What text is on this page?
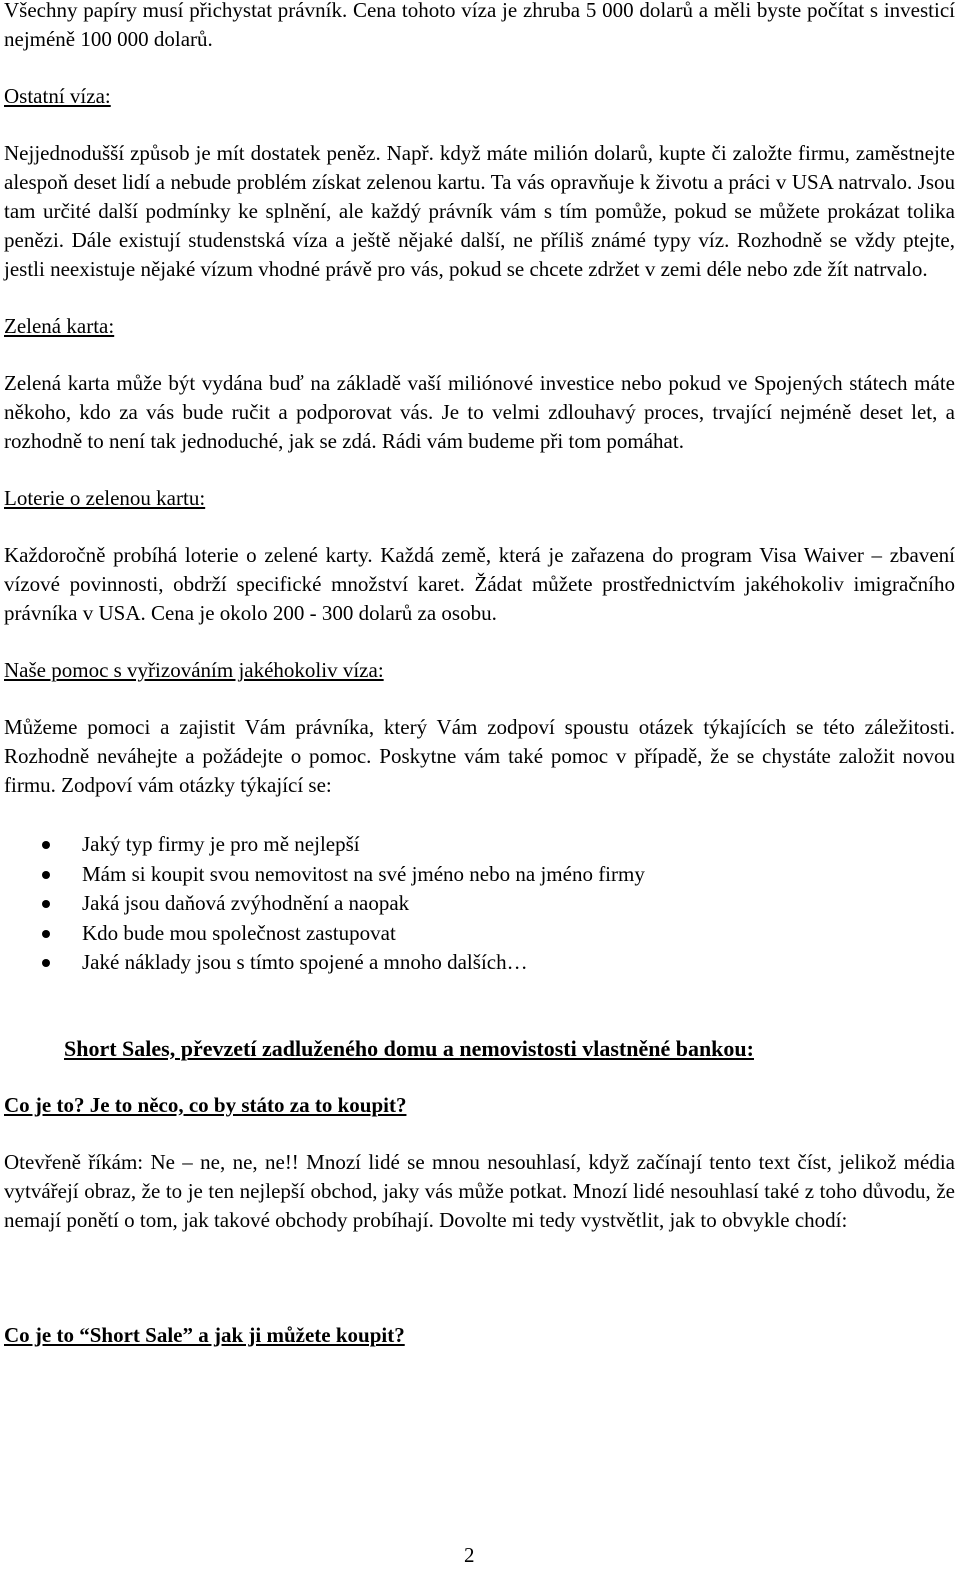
Všechny papíry musí přichystat právník. Cena tohoto víza je zhruba 5 000 dolarů a měli byste počítat s investicí nejméně 100 000 dolarů.

Ostatní víza:

Nejjednodušší způsob je mít dostatek peněz. Např. když máte milión dolarů, kupte či založte firmu, zaměstnejte alespoň deset lidí a nebude problém získat zelenou kartu. Ta vás opravňuje k životu a práci v USA natrvalo. Jsou tam určité další podmínky ke splnění, ale každý právník vám s tím pomůže, pokud se můžete prokázat tolika penězi. Dále existují studenstská víza a ještě nějaké další, ne příliš známé typy víz. Rozhodně se vždy ptejte, jestli neexistuje nějaké vízum vhodné právě pro vás, pokud se chcete zdržet v zemi déle nebo zde žít natrvalo.

Zelená karta:

Zelená karta může být vydána buď na základě vaší miliónové investice nebo pokud ve Spojených státech máte někoho, kdo za vás bude ručit a podporovat vás. Je to velmi zdlouhavý proces, trvající nejméně deset let, a rozhodně to není tak jednoduché, jak se zdá. Rádi vám budeme při tom pomáhat.

Loterie o zelenou kartu:

Každoročně probíhá loterie o zelené karty. Každá země, která je zařazena do program Visa Waiver – zbavení vízové povinnosti, obdrží specifické množství karet. Žádat můžete prostřednictvím jakéhokoliv imigračního právníka v USA. Cena je okolo 200 - 300 dolarů za osobu.

Naše pomoc s vyřizováním jakéhokoliv víza:

Můžeme pomoci a zajistit Vám právníka, který Vám zodpoví spoustu otázek týkajících se této záležitosti. Rozhodně neváhejte a požádejte o pomoc. Poskytne vám také pomoc v případě, že se chystáte založit novou firmu. Zodpoví vám otázky týkající se:

Jaký typ firmy je pro mě nejlepší
Mám si koupit svou nemovitost na své jméno nebo na jméno firmy
Jaká jsou daňová zvýhodnění a naopak
Kdo bude mou společnost zastupovat
Jaké náklady jsou s tímto spojené a mnoho dalších…

Short Sales, převzetí zadluženého domu a nemovistosti vlastněné bankou:

Co je to? Je to něco, co by státo za to koupit?

Otevřeně říkám: Ne – ne, ne, ne!! Mnozí lidé se mnou nesouhlasí, když začínají tento text číst, jelikož média vytvářejí obraz, že to je ten nejlepší obchod, jaky vás může potkat. Mnozí lidé nesouhlasí také z toho důvodu, že nemají ponětí o tom, jak takové obchody probíhají. Dovolte mi tedy vystvětlit, jak to obvykle chodí:

Co je to “Short Sale” a jak ji můžete koupit?

2
